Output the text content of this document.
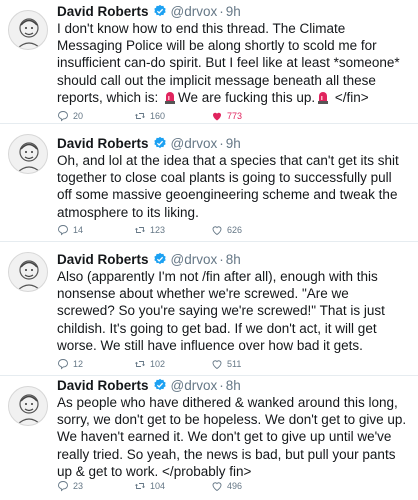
David Roberts @drvox · 9h
I don't know how to end this thread. The Climate Messaging Police will be along shortly to scold me for insufficient can-do spirit. But I feel like at least *someone* should call out the implicit message beneath all these reports, which is:
We are fucking this up.
</fin>
20	160	773
David Roberts @drvox · 9h
Oh, and lol at the idea that a species that can't get its shit together to close coal plants is going to successfully pull off some massive geoengineering scheme and tweak the atmosphere to its liking.
14	123	626
David Roberts @drvox · 8h
Also (apparently I'm not /fin after all), enough with this nonsense about whether we're screwed. "Are we screwed? So you're saying we're screwed!" That is just childish. It's going to get bad. If we don't act, it will get worse. We still have influence over how bad it gets.
12	102	511
David Roberts @drvox · 8h
As people who have dithered & wanked around this long, sorry, we don't get to be hopeless. We don't get to give up. We haven't earned it. We don't get to give up until we've really tried. So yeah, the news is bad, but pull your pants up & get to work. </probably fin>
23	104	496
